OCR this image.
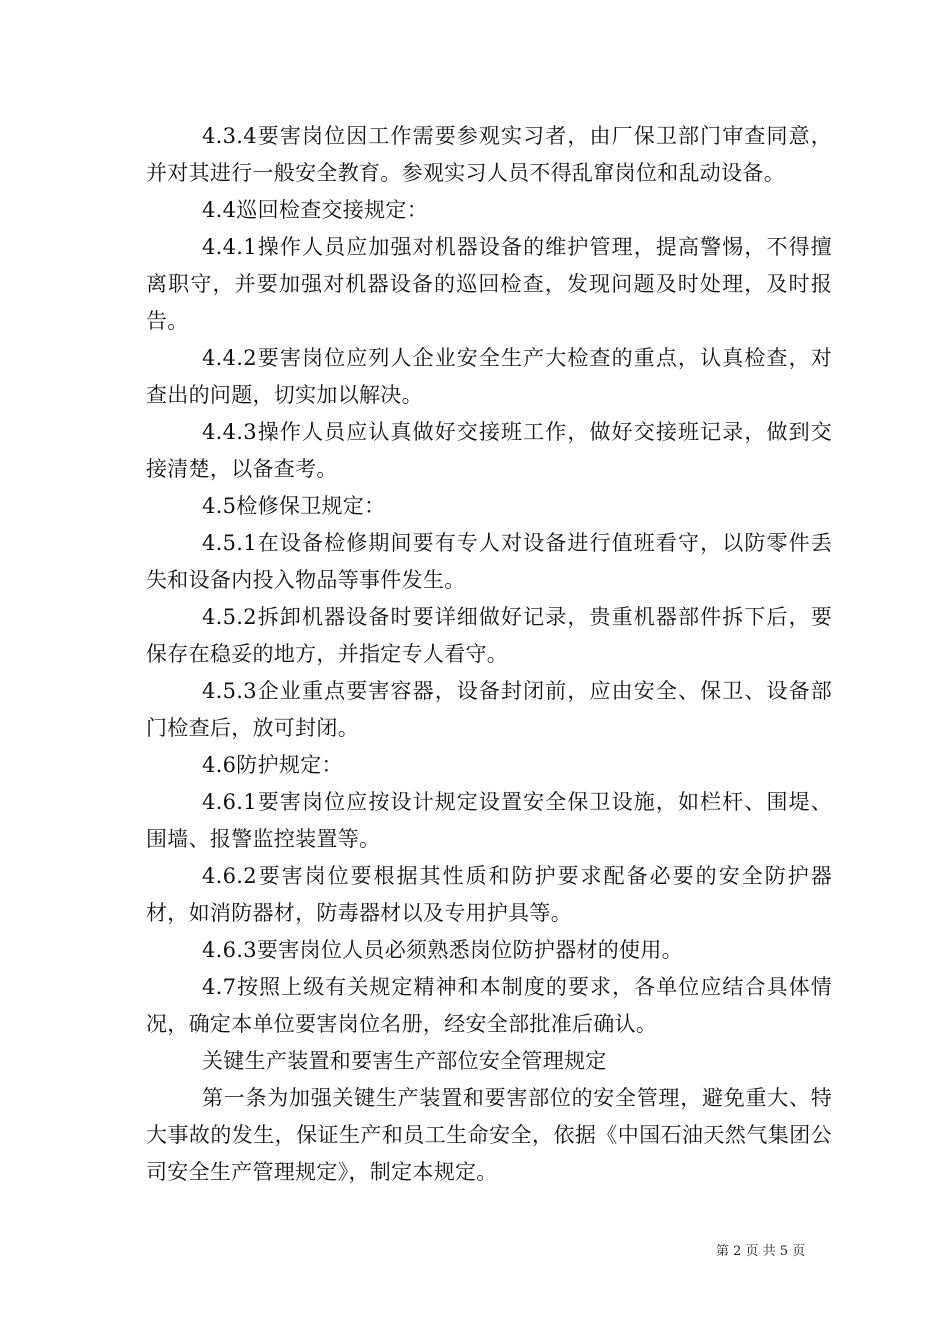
4.3.4要害岗位因工作需要参观实习者，由厂保卫部门审查同意，并对其进行一般安全教育。参观实习人员不得乱窜岗位和乱动设备。

4.4巡回检查交接规定：

4.4.1操作人员应加强对机器设备的维护管理，提高警惕，不得擅离职守，并要加强对机器设备的巡回检查，发现问题及时处理，及时报告。

4.4.2要害岗位应列人企业安全生产大检查的重点，认真检查，对查出的问题，切实加以解决。

4.4.3操作人员应认真做好交接班工作，做好交接班记录，做到交接清楚，以备查考。

4.5检修保卫规定：

4.5.1在设备检修期间要有专人对设备进行值班看守，以防零件丢失和设备内投入物品等事件发生。

4.5.2拆卸机器设备时要详细做好记录，贵重机器部件拆下后，要保存在稳妥的地方，并指定专人看守。

4.5.3企业重点要害容器，设备封闭前，应由安全、保卫、设备部门检查后，放可封闭。

4.6防护规定：

4.6.1要害岗位应按设计规定设置安全保卫设施，如栏杆、围堤、围墙、报警监控装置等。

4.6.2要害岗位要根据其性质和防护要求配备必要的安全防护器材，如消防器材，防毒器材以及专用护具等。

4.6.3要害岗位人员必须熟悉岗位防护器材的使用。

4.7按照上级有关规定精神和本制度的要求，各单位应结合具体情况，确定本单位要害岗位名册，经安全部批准后确认。

关键生产装置和要害生产部位安全管理规定

第一条为加强关键生产装置和要害部位的安全管理，避免重大、特大事故的发生，保证生产和员工生命安全，依据《中国石油天然气集团公司安全生产管理规定》，制定本规定。

第 2 页 共 5 页
